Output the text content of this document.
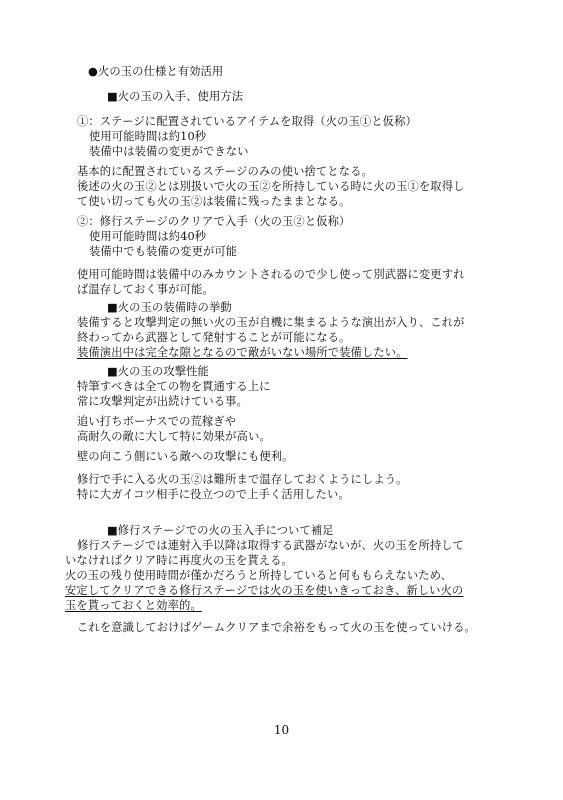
●火の玉の仕様と有効活用

■火の玉の入手、使用方法

①：ステージに配置されているアイテムを取得（火の玉①と仮称）

使用可能時間は約10秒

装備中は装備の変更ができない

基本的に配置されているステージのみの使い捨てとなる。

後述の火の玉②とは別扱いで火の玉②を所持している時に火の玉①を取得し

て使い切っても火の玉②は装備に残ったままとなる。

②：修行ステージのクリアで入手（火の玉②と仮称）

使用可能時間は約40秒

装備中でも装備の変更が可能

使用可能時間は装備中のみカウントされるので少し使って別武器に変更すれ

ば温存しておく事が可能。

■火の玉の装備時の挙動

装備すると攻撃判定の無い火の玉が自機に集まるような演出が入り、これが

終わってから武器として発射することが可能になる。

装備演出中は完全な隙となるので敵がいない場所で装備したい。

■火の玉の攻撃性能

特筆すべきは全ての物を貫通する上に

常に攻撃判定が出続けている事。

追い打ちボーナスでの荒稼ぎや

高耐久の敵に大して特に効果が高い。

壁の向こう側にいる敵への攻撃にも便利。

修行で手に入る火の玉②は難所まで温存しておくようにしよう。

特に大ガイコツ相手に役立つので上手く活用したい。

■修行ステージでの火の玉入手について補足

修行ステージでは連射入手以降は取得する武器がないが、火の玉を所持して

いなければクリア時に再度火の玉を貰える。

火の玉の残り使用時間が僅かだろうと所持していると何ももらえないため、

安定してクリアできる修行ステージでは火の玉を使いきっておき、新しい火の

玉を貰っておくと効率的。

これを意識しておけばゲームクリアまで余裕をもって火の玉を使っていける。

10
